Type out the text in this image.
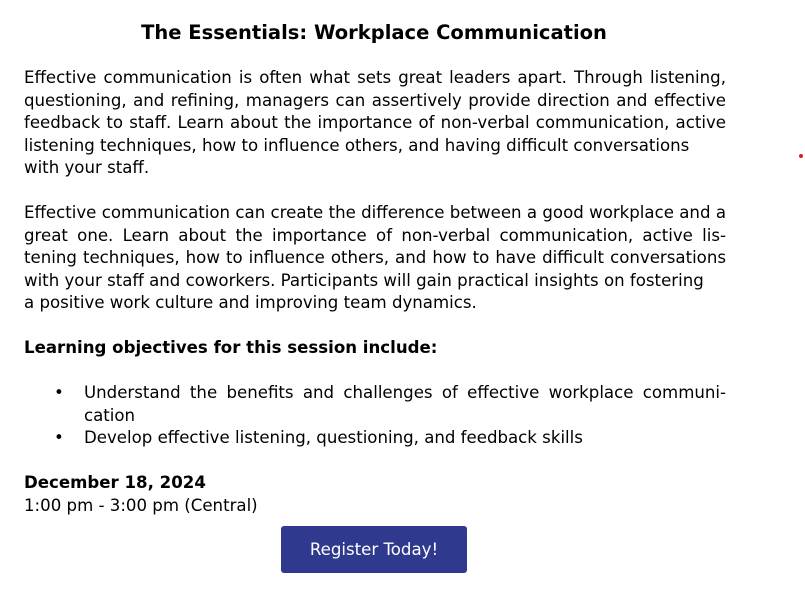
The Essentials: Workplace Communication

Effective communication is often what sets great leaders apart. Through listening, questioning, and refining, managers can assertively provide direction and effective feedback to staff. Learn about the importance of non-verbal communication, active listening techniques, how to influence others, and having difficult conversations
with your staff.

Effective communication can create the difference between a good workplace and a great one. Learn about the importance of non-verbal communication, active listening techniques, how to influence others, and how to have difficult conversations with your staff and coworkers. Participants will gain practical insights on fostering
a positive work culture and improving team dynamics.

Learning objectives for this session include:

• Understand the benefits and challenges of effective workplace communication
• Develop effective listening, questioning, and feedback skills

December 18, 2024

1:00 pm - 3:00 pm (Central)

Register Today!
